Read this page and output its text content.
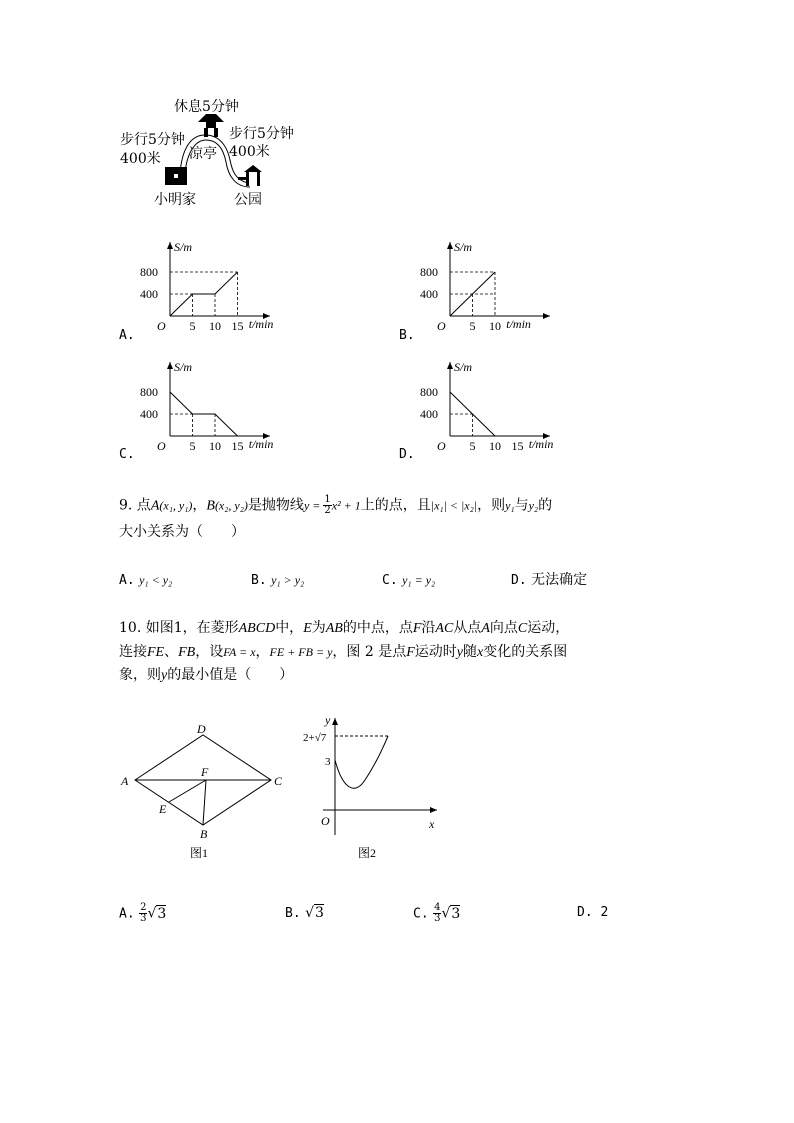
休息5分钟
步行5分钟
400米
步行5分钟
400米
凉亭
小明家	公园
A.	B.
C.	D.
S/m
O
800
400
5 10 15 t/min
S/m
O
800
400
5 10 t/min
S/m
O
800
400
5 10 15 t/min
S/m
O
800
400
5 10 15 t/min
9. 点A(x₁, y₁)，B(x₂, y₂)是抛物线$y = \frac{1}{2} x^2 + 1$上的点，且|x₁| < |x₂|，则y₁与y₂的
大小关系为（　　）
A. y₁ < y₂	B. y₁ > y₂	C. y₁ = y₂	D. 无法确定
10. 如图1，在菱形ABCD中，E为AB的中点，点F沿AC从点A向点C运动，
连接FE、FB，设FA = x，FE + FB = y，图 2 是点F运动时y随x变化的关系图
象，则y的最小值是（　　）
D
A	C
B
F
E
图1
y
x
O
2+√7
3
图2
A. $\frac{2}{3} √3$	B. √3	C. $\frac{4}{3} √3$	D. 2
